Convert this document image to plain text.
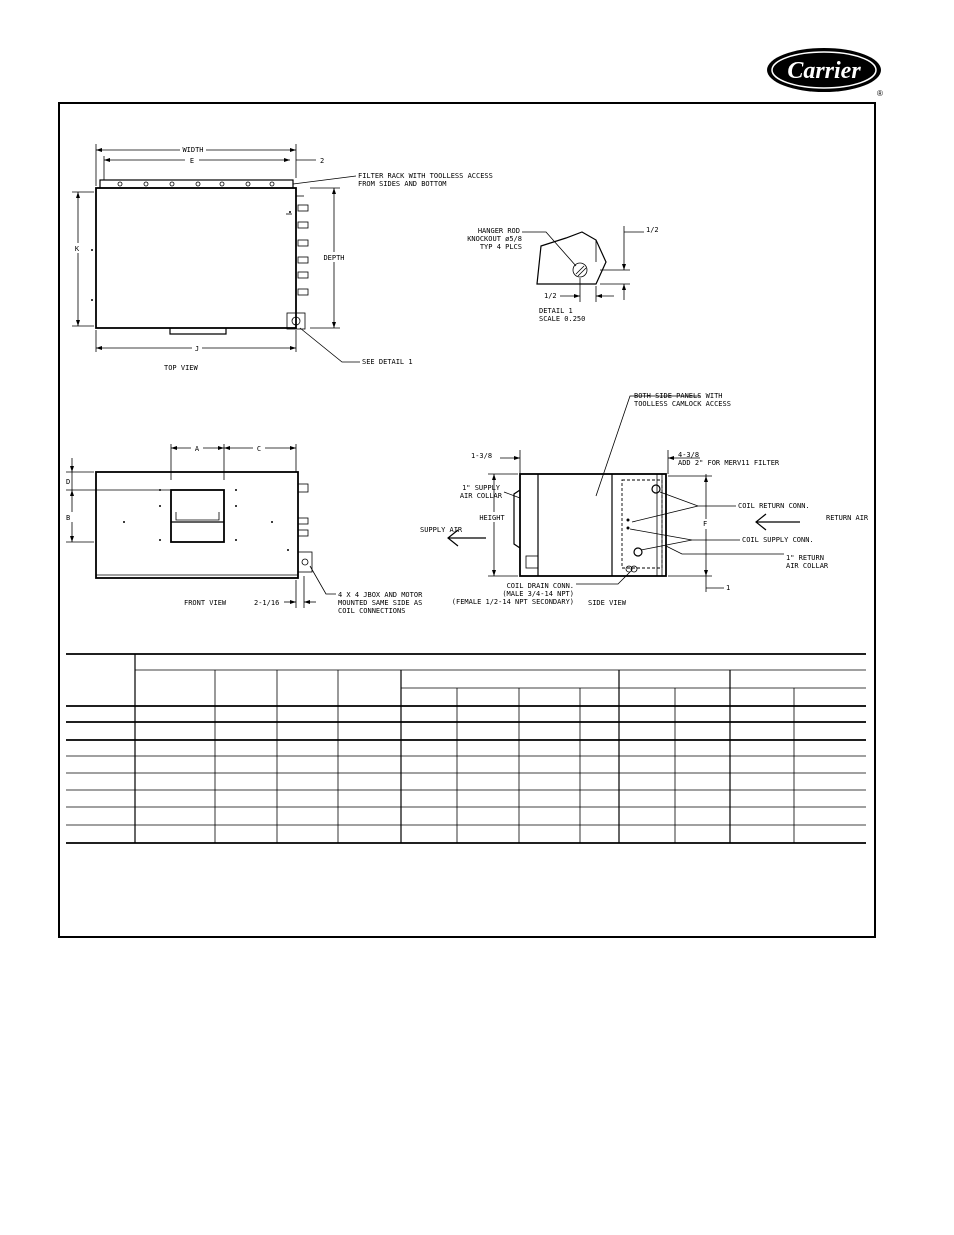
Carrier
®
WIDTH
E	2
FILTER RACK WITH TOOLLESS ACCESS
FROM SIDES AND BOTTOM
K
DEPTH
J
SEE DETAIL 1
TOP VIEW
HANGER ROD
KNOCKOUT ø5/8
TYP 4 PLCS
1/2
1/2
DETAIL 1
SCALE 0.250
A	C
D
B
2-1/16
4 X 4 JBOX AND MOTOR
MOUNTED SAME SIDE AS
COIL CONNECTIONS
FRONT VIEW
BOTH SIDE PANELS WITH
TOOLLESS CAMLOCK ACCESS
1-3/8	4-3/8
ADD 2" FOR MERV11 FILTER
1" SUPPLY
AIR COLLAR
HEIGHT
SUPPLY AIR
COIL RETURN CONN.
RETURN AIR
F
COIL SUPPLY CONN.
1" RETURN
AIR COLLAR
1
COIL DRAIN CONN.
(MALE 3/4-14 NPT)
(FEMALE 1/2-14 NPT SECONDARY) SIDE VIEW
